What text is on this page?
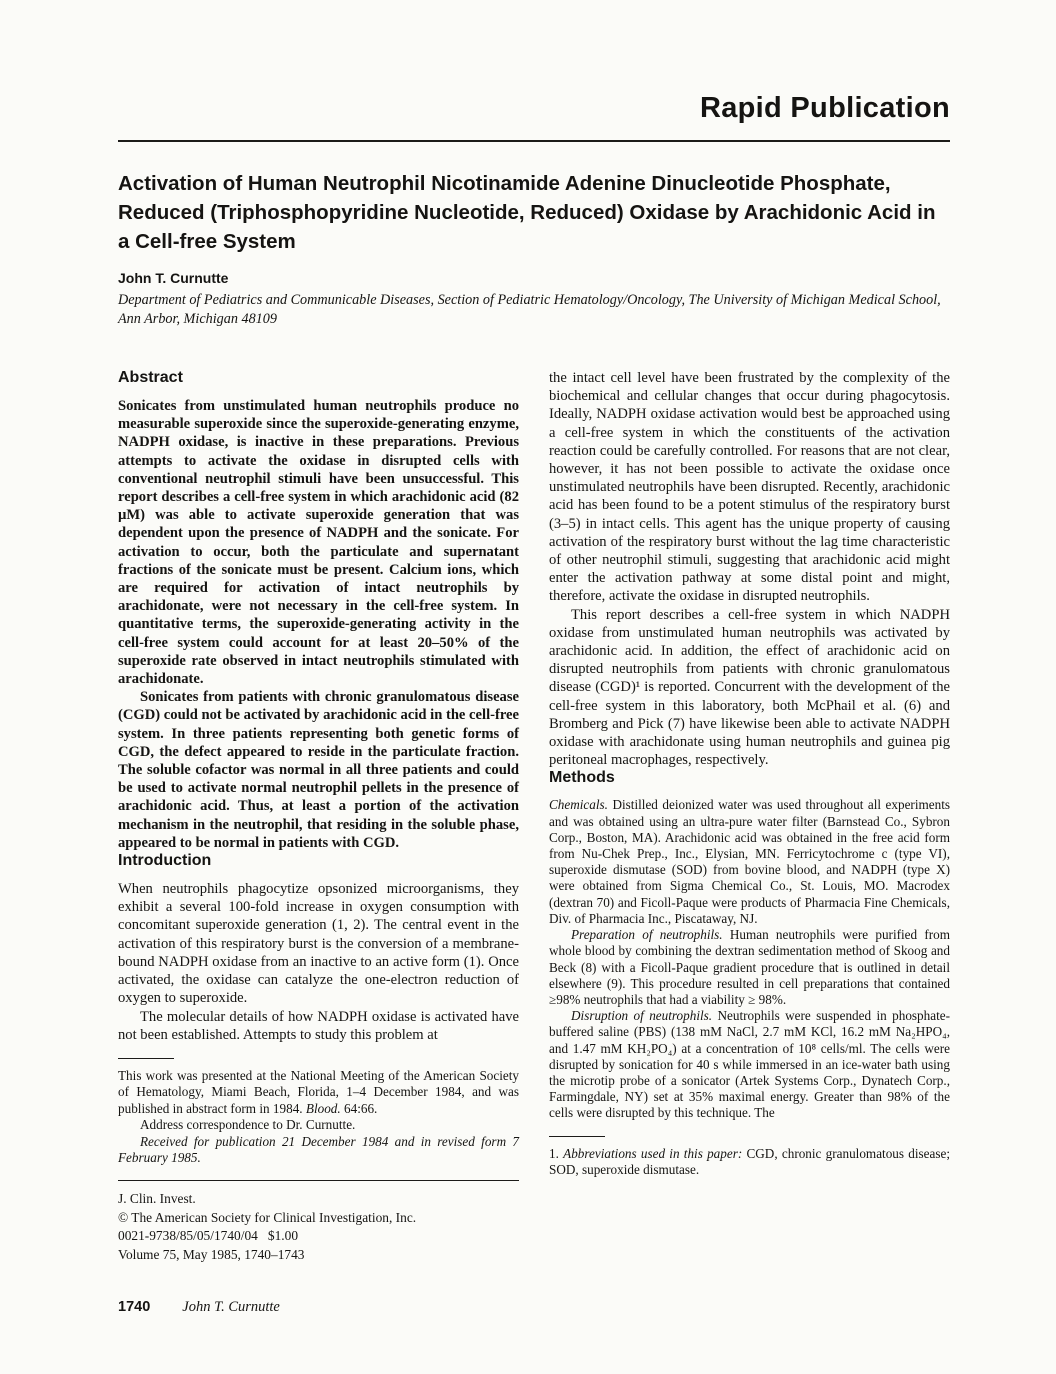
Rapid Publication
Activation of Human Neutrophil Nicotinamide Adenine Dinucleotide Phosphate, Reduced (Triphosphopyridine Nucleotide, Reduced) Oxidase by Arachidonic Acid in a Cell-free System
John T. Curnutte
Department of Pediatrics and Communicable Diseases, Section of Pediatric Hematology/Oncology, The University of Michigan Medical School, Ann Arbor, Michigan 48109
Abstract

Sonicates from unstimulated human neutrophils produce no measurable superoxide since the superoxide-generating enzyme, NADPH oxidase, is inactive in these preparations. Previous attempts to activate the oxidase in disrupted cells with conventional neutrophil stimuli have been unsuccessful. This report describes a cell-free system in which arachidonic acid (82 µM) was able to activate superoxide generation that was dependent upon the presence of NADPH and the sonicate. For activation to occur, both the particulate and supernatant fractions of the sonicate must be present. Calcium ions, which are required for activation of intact neutrophils by arachidonate, were not necessary in the cell-free system. In quantitative terms, the superoxide-generating activity in the cell-free system could account for at least 20–50% of the superoxide rate observed in intact neutrophils stimulated with arachidonate.

Sonicates from patients with chronic granulomatous disease (CGD) could not be activated by arachidonic acid in the cell-free system. In three patients representing both genetic forms of CGD, the defect appeared to reside in the particulate fraction. The soluble cofactor was normal in all three patients and could be used to activate normal neutrophil pellets in the presence of arachidonic acid. Thus, at least a portion of the activation mechanism in the neutrophil, that residing in the soluble phase, appeared to be normal in patients with CGD.

Introduction

When neutrophils phagocytize opsonized microorganisms, they exhibit a several 100-fold increase in oxygen consumption with concomitant superoxide generation (1, 2). The central event in the activation of this respiratory burst is the conversion of a membrane-bound NADPH oxidase from an inactive to an active form (1). Once activated, the oxidase can catalyze the one-electron reduction of oxygen to superoxide.

The molecular details of how NADPH oxidase is activated have not been established. Attempts to study this problem at

This work was presented at the National Meeting of the American Society of Hematology, Miami Beach, Florida, 1–4 December 1984, and was published in abstract form in 1984. Blood. 64:66.

Address correspondence to Dr. Curnutte.

Received for publication 21 December 1984 and in revised form 7 February 1985.

J. Clin. Invest.

© The American Society for Clinical Investigation, Inc.

0021-9738/85/05/1740/04   $1.00

Volume 75, May 1985, 1740–1743

the intact cell level have been frustrated by the complexity of the biochemical and cellular changes that occur during phagocytosis. Ideally, NADPH oxidase activation would best be approached using a cell-free system in which the constituents of the activation reaction could be carefully controlled. For reasons that are not clear, however, it has not been possible to activate the oxidase once unstimulated neutrophils have been disrupted. Recently, arachidonic acid has been found to be a potent stimulus of the respiratory burst (3–5) in intact cells. This agent has the unique property of causing activation of the respiratory burst without the lag time characteristic of other neutrophil stimuli, suggesting that arachidonic acid might enter the activation pathway at some distal point and might, therefore, activate the oxidase in disrupted neutrophils.

This report describes a cell-free system in which NADPH oxidase from unstimulated human neutrophils was activated by arachidonic acid. In addition, the effect of arachidonic acid on disrupted neutrophils from patients with chronic granulomatous disease (CGD)¹ is reported. Concurrent with the development of the cell-free system in this laboratory, both McPhail et al. (6) and Bromberg and Pick (7) have likewise been able to activate NADPH oxidase with arachidonate using human neutrophils and guinea pig peritoneal macrophages, respectively.

Methods

Chemicals. Distilled deionized water was used throughout all experiments and was obtained using an ultra-pure water filter (Barnstead Co., Sybron Corp., Boston, MA). Arachidonic acid was obtained in the free acid form from Nu-Chek Prep., Inc., Elysian, MN. Ferricytochrome c (type VI), superoxide dismutase (SOD) from bovine blood, and NADPH (type X) were obtained from Sigma Chemical Co., St. Louis, MO. Macrodex (dextran 70) and Ficoll-Paque were products of Pharmacia Fine Chemicals, Div. of Pharmacia Inc., Piscataway, NJ.

Preparation of neutrophils. Human neutrophils were purified from whole blood by combining the dextran sedimentation method of Skoog and Beck (8) with a Ficoll-Paque gradient procedure that is outlined in detail elsewhere (9). This procedure resulted in cell preparations that contained ≥98% neutrophils that had a viability ≥ 98%.

Disruption of neutrophils. Neutrophils were suspended in phosphate-buffered saline (PBS) (138 mM NaCl, 2.7 mM KCl, 16.2 mM Na₂HPO₄, and 1.47 mM KH₂PO₄) at a concentration of 10⁸ cells/ml. The cells were disrupted by sonication for 40 s while immersed in an ice-water bath using the microtip probe of a sonicator (Artek Systems Corp., Dynatech Corp., Farmingdale, NY) set at 35% maximal energy. Greater than 98% of the cells were disrupted by this technique. The

1. Abbreviations used in this paper: CGD, chronic granulomatous disease; SOD, superoxide dismutase.

1740 John T. Curnutte
